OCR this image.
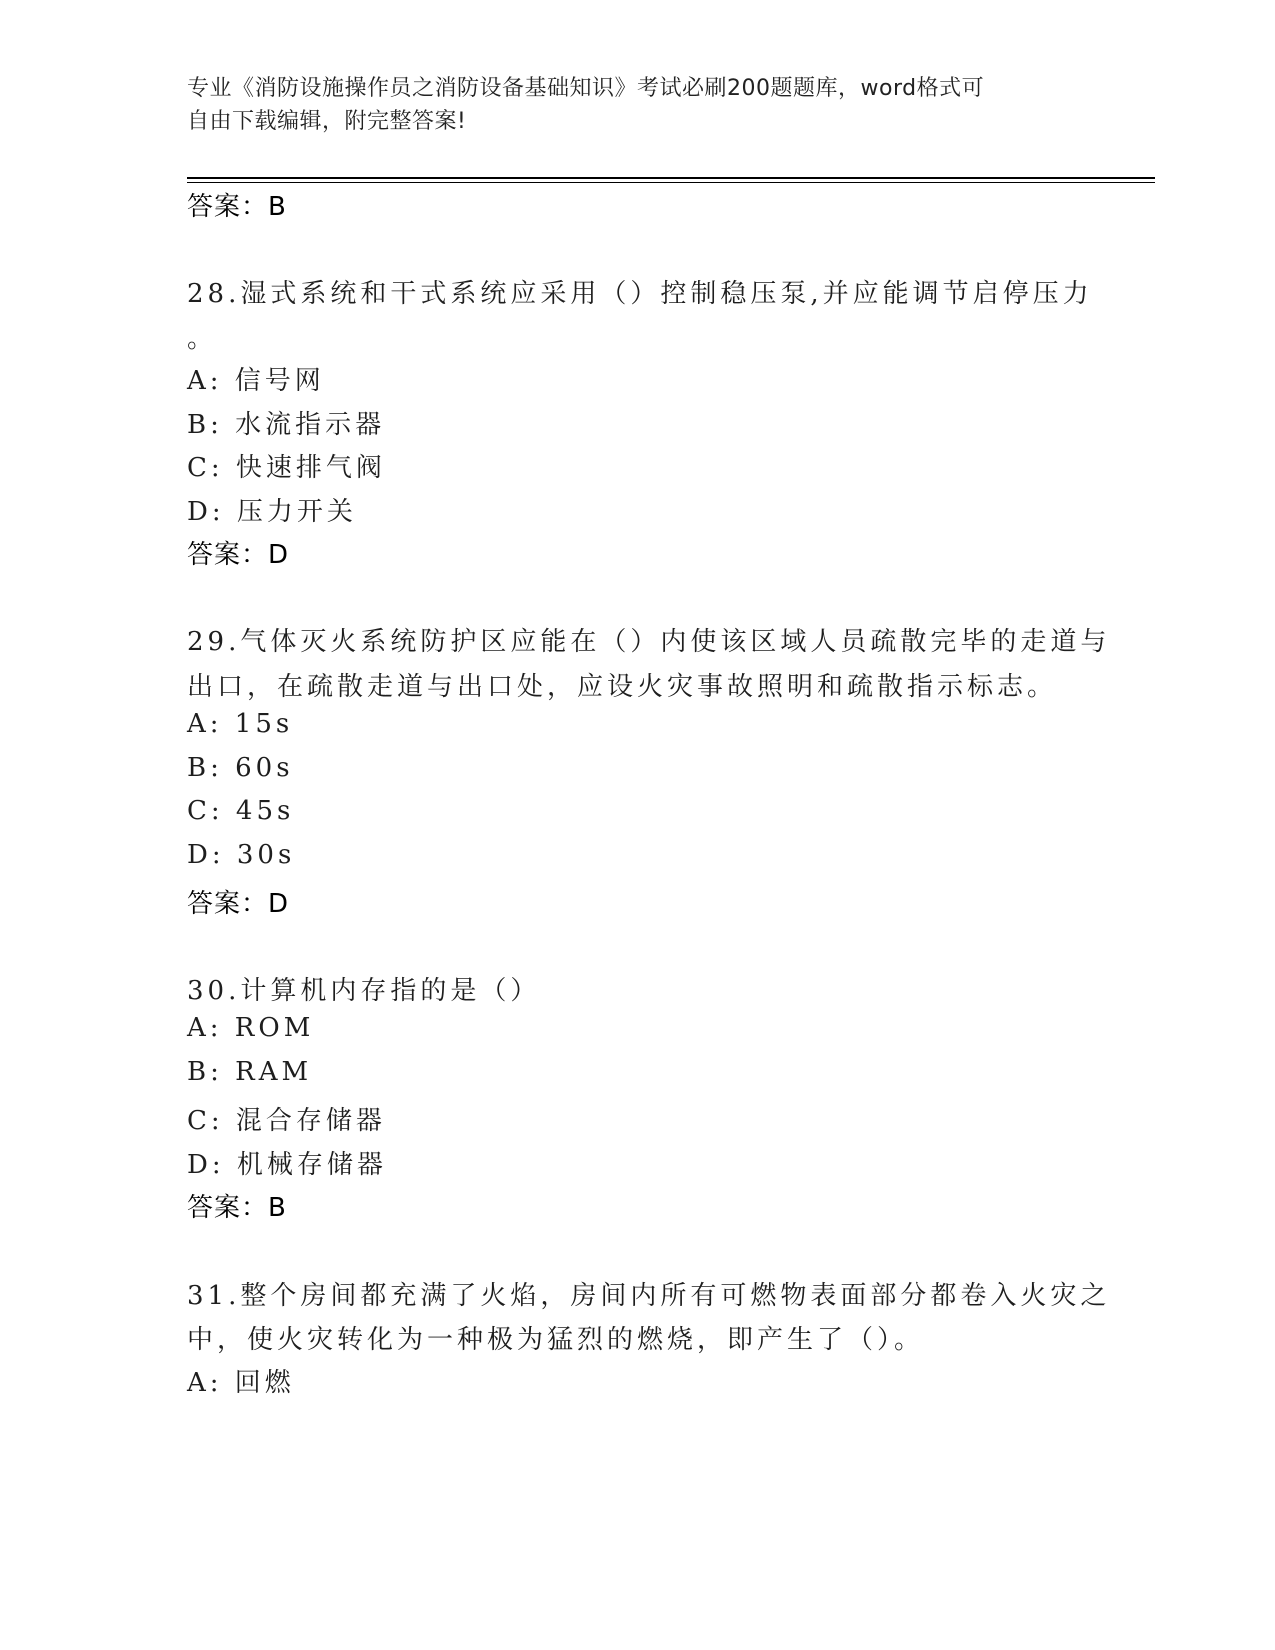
专业《消防设施操作员之消防设备基础知识》考试必刷200题题库，word格式可
自由下载编辑，附完整答案!
答案：B
28.湿式系统和干式系统应采用（）控制稳压泵,并应能调节启停压力
。
A: 信号网
B: 水流指示器
C: 快速排气阀
D: 压力开关
答案：D
29.气体灭火系统防护区应能在（）内使该区域人员疏散完毕的走道与
出口，在疏散走道与出口处，应设火灾事故照明和疏散指示标志。
A: 15s
B: 60s
C: 45s
D: 30s
答案：D
30.计算机内存指的是（）
A: ROM
B: RAM
C: 混合存储器
D: 机械存储器
答案：B
31.整个房间都充满了火焰，房间内所有可燃物表面部分都卷入火灾之
中，使火灾转化为一种极为猛烈的燃烧，即产生了（）。
A: 回燃
